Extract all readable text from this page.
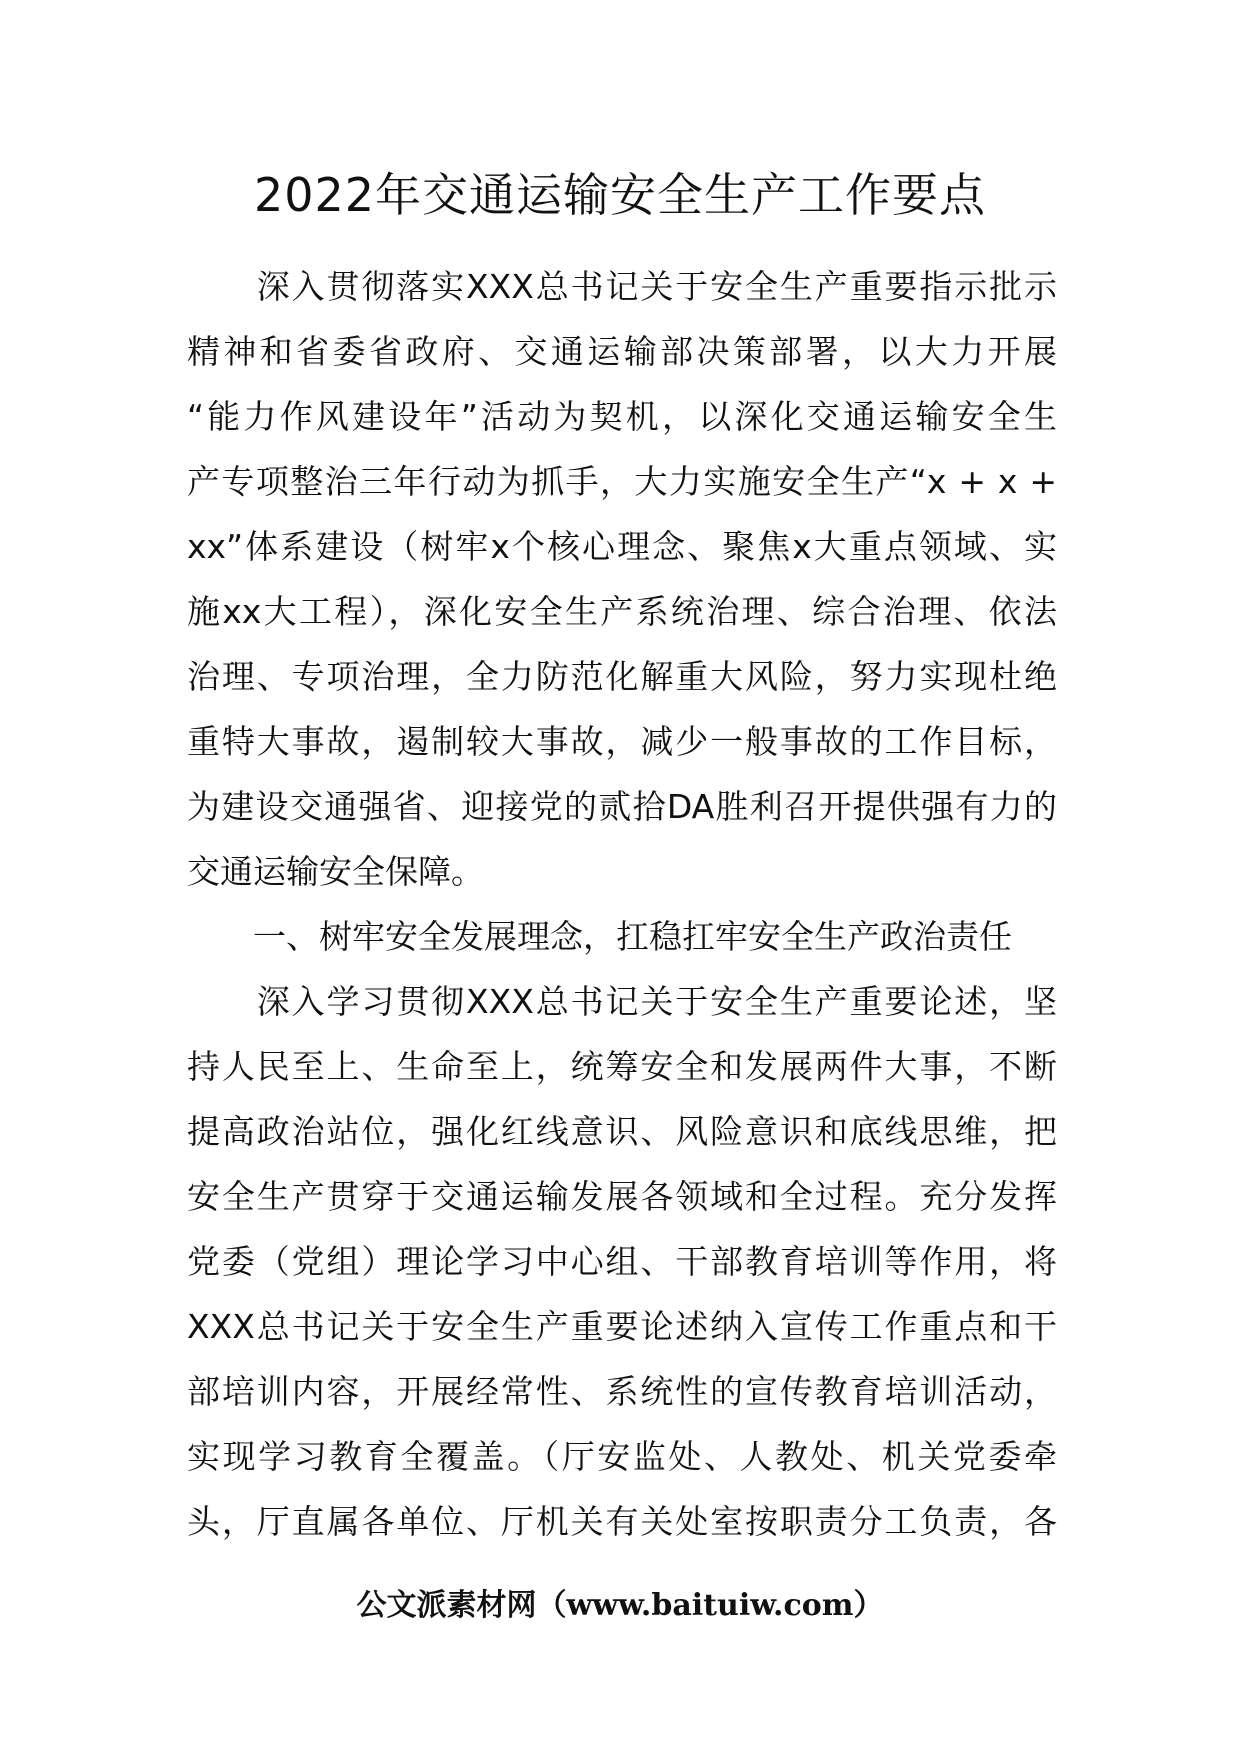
2022年交通运输安全生产工作要点
　　深入贯彻落实XXX总书记关于安全生产重要指示批示
精神和省委省政府、交通运输部决策部署，以大力开展
“能力作风建设年”活动为契机，以深化交通运输安全生
产专项整治三年行动为抓手，大力实施安全生产“x + x +
xx”体系建设（树牢x个核心理念、聚焦x大重点领域、实
施xx大工程），深化安全生产系统治理、综合治理、依法
治理、专项治理，全力防范化解重大风险，努力实现杜绝
重特大事故，遏制较大事故，减少一般事故的工作目标，
为建设交通强省、迎接党的贰拾DA胜利召开提供强有力的
交通运输安全保障。
　　一、树牢安全发展理念，扛稳扛牢安全生产政治责任
　　深入学习贯彻XXX总书记关于安全生产重要论述，坚
持人民至上、生命至上，统筹安全和发展两件大事，不断
提高政治站位，强化红线意识、风险意识和底线思维，把
安全生产贯穿于交通运输发展各领域和全过程。充分发挥
党委（党组）理论学习中心组、干部教育培训等作用，将
XXX总书记关于安全生产重要论述纳入宣传工作重点和干
部培训内容，开展经常性、系统性的宣传教育培训活动，
实现学习教育全覆盖。（厅安监处、人教处、机关党委牵
头，厅直属各单位、厅机关有关处室按职责分工负责，各
公文派素材网（www.baituiw.com）
